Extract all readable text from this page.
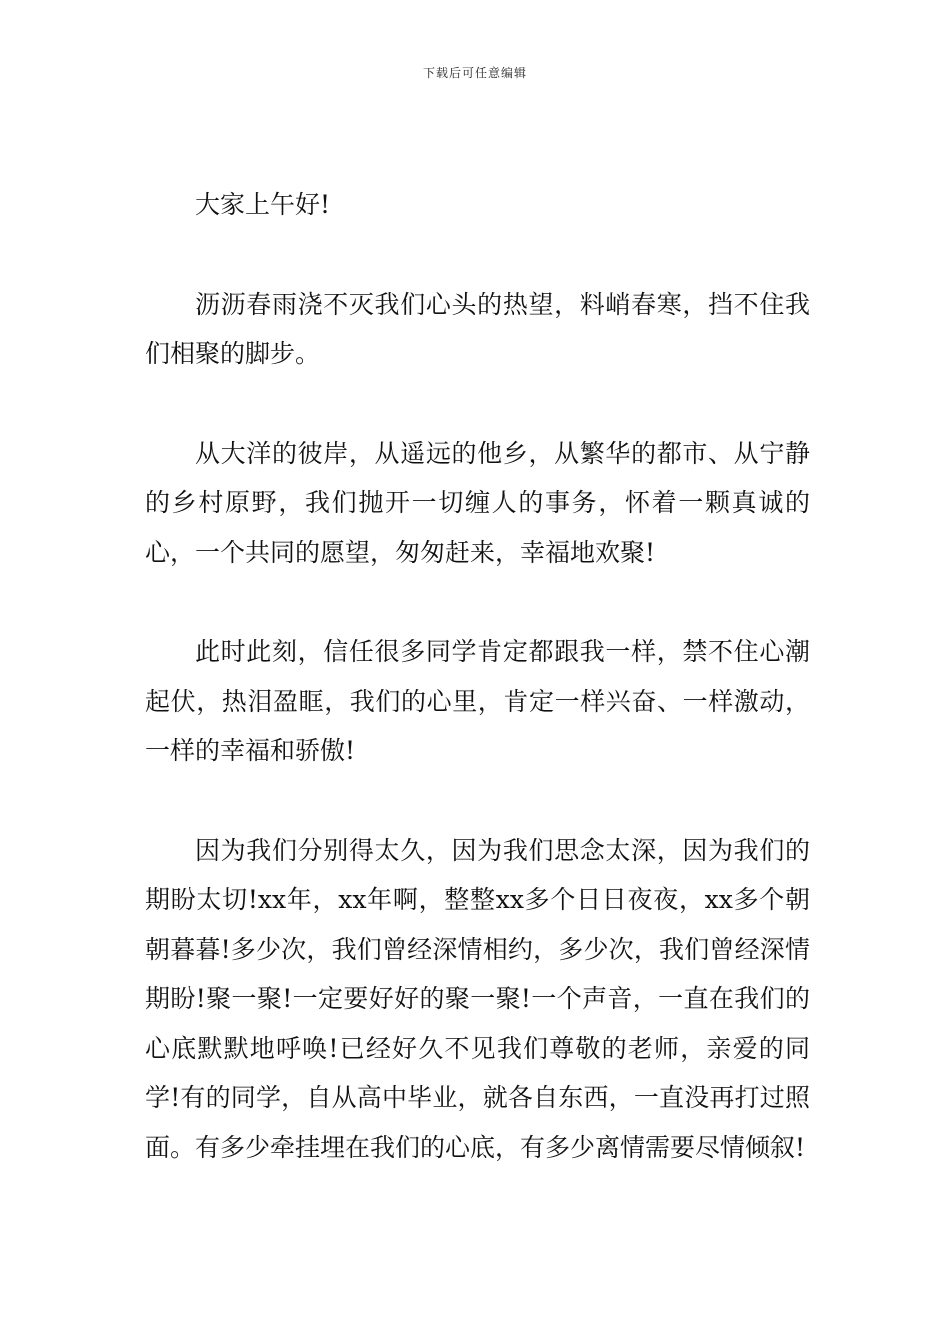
下载后可任意编辑

大家上午好!

沥沥春雨浇不灭我们心头的热望，料峭春寒，挡不住我们相聚的脚步。

从大洋的彼岸，从遥远的他乡，从繁华的都市、从宁静的乡村原野，我们抛开一切缠人的事务，怀着一颗真诚的心，一个共同的愿望，匆匆赶来，幸福地欢聚!

此时此刻，信任很多同学肯定都跟我一样，禁不住心潮起伏，热泪盈眶，我们的心里，肯定一样兴奋、一样激动，一样的幸福和骄傲!

因为我们分别得太久，因为我们思念太深，因为我们的期盼太切!xx年，xx年啊，整整xx多个日日夜夜，xx多个朝朝暮暮!多少次，我们曾经深情相约，多少次，我们曾经深情期盼!聚一聚!一定要好好的聚一聚!一个声音，一直在我们的心底默默地呼唤!已经好久不见我们尊敬的老师，亲爱的同学!有的同学，自从高中毕业，就各自东西，一直没再打过照面。有多少牵挂埋在我们的心底，有多少离情需要尽情倾叙!
